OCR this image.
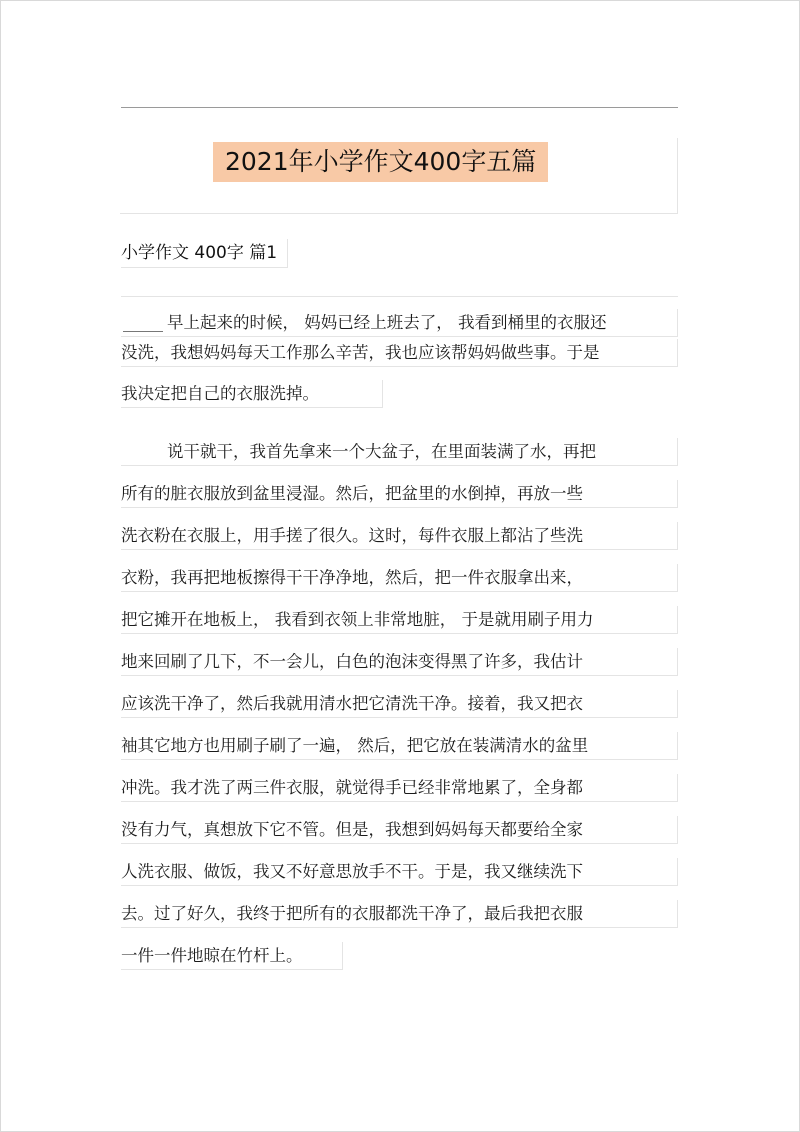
2021年小学作文400字五篇
小学作文 400字 篇1
早上起来的时候， 妈妈已经上班去了， 我看到桶里的衣服还
没洗，我想妈妈每天工作那么辛苦，我也应该帮妈妈做些事。于是
我决定把自己的衣服洗掉。
说干就干，我首先拿来一个大盆子，在里面装满了水，再把
所有的脏衣服放到盆里浸湿。然后，把盆里的水倒掉，再放一些
洗衣粉在衣服上，用手搓了很久。这时，每件衣服上都沾了些洗
衣粉，我再把地板擦得干干净净地，然后，把一件衣服拿出来，
把它摊开在地板上， 我看到衣领上非常地脏， 于是就用刷子用力
地来回刷了几下，不一会儿，白色的泡沫变得黑了许多，我估计
应该洗干净了，然后我就用清水把它清洗干净。接着，我又把衣
袖其它地方也用刷子刷了一遍， 然后，把它放在装满清水的盆里
冲洗。我才洗了两三件衣服，就觉得手已经非常地累了，全身都
没有力气，真想放下它不管。但是，我想到妈妈每天都要给全家
人洗衣服、做饭，我又不好意思放手不干。于是，我又继续洗下
去。过了好久，我终于把所有的衣服都洗干净了，最后我把衣服
一件一件地晾在竹杆上。
